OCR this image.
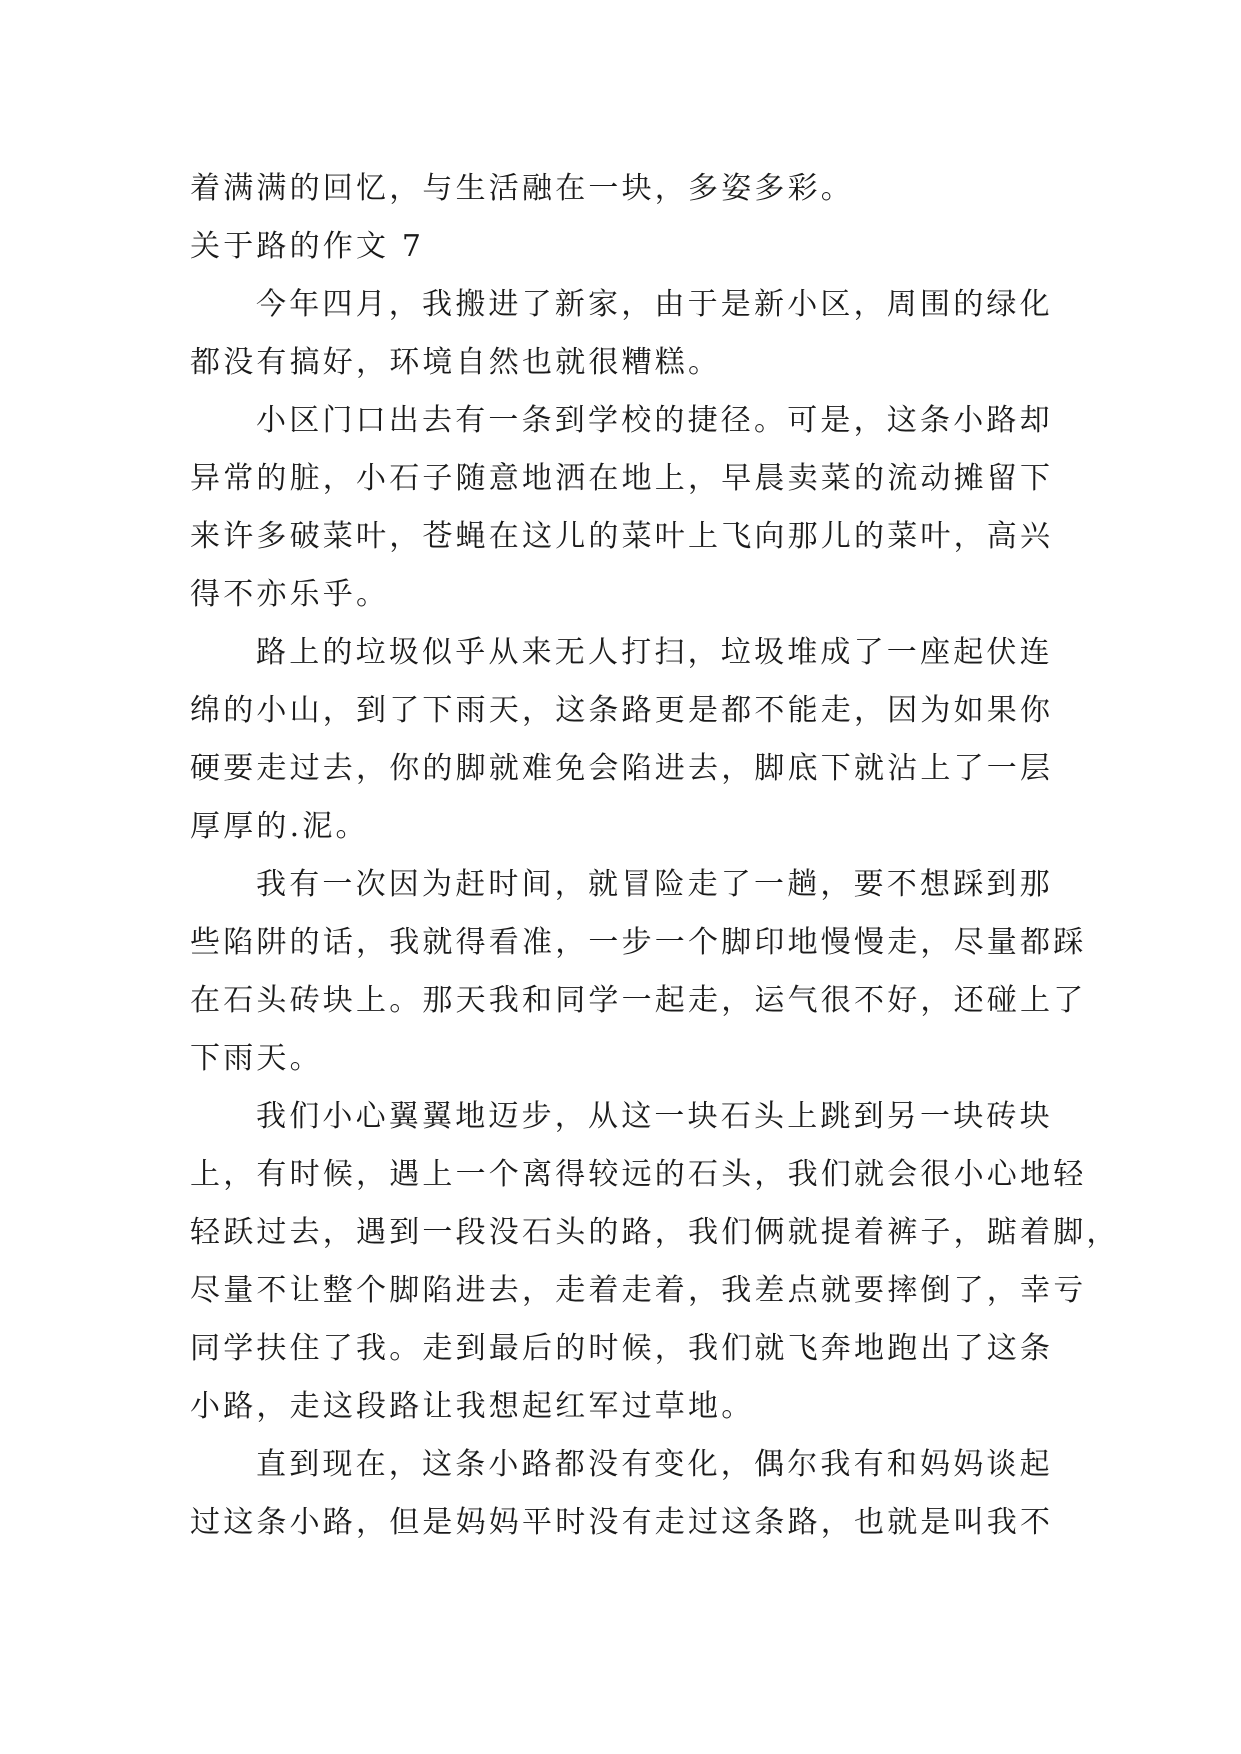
着满满的回忆，与生活融在一块，多姿多彩。
关于路的作文 7
今年四月，我搬进了新家，由于是新小区，周围的绿化
都没有搞好，环境自然也就很糟糕。
小区门口出去有一条到学校的捷径。可是，这条小路却
异常的脏，小石子随意地洒在地上，早晨卖菜的流动摊留下
来许多破菜叶，苍蝇在这儿的菜叶上飞向那儿的菜叶，高兴
得不亦乐乎。
路上的垃圾似乎从来无人打扫，垃圾堆成了一座起伏连
绵的小山，到了下雨天，这条路更是都不能走，因为如果你
硬要走过去，你的脚就难免会陷进去，脚底下就沾上了一层
厚厚的.泥。
我有一次因为赶时间，就冒险走了一趟，要不想踩到那
些陷阱的话，我就得看准，一步一个脚印地慢慢走，尽量都踩
在石头砖块上。那天我和同学一起走，运气很不好，还碰上了
下雨天。
我们小心翼翼地迈步，从这一块石头上跳到另一块砖块
上，有时候，遇上一个离得较远的石头，我们就会很小心地轻
轻跃过去，遇到一段没石头的路，我们俩就提着裤子，踮着脚，
尽量不让整个脚陷进去，走着走着，我差点就要摔倒了，幸亏
同学扶住了我。走到最后的时候，我们就飞奔地跑出了这条
小路，走这段路让我想起红军过草地。
直到现在，这条小路都没有变化，偶尔我有和妈妈谈起
过这条小路，但是妈妈平时没有走过这条路，也就是叫我不
